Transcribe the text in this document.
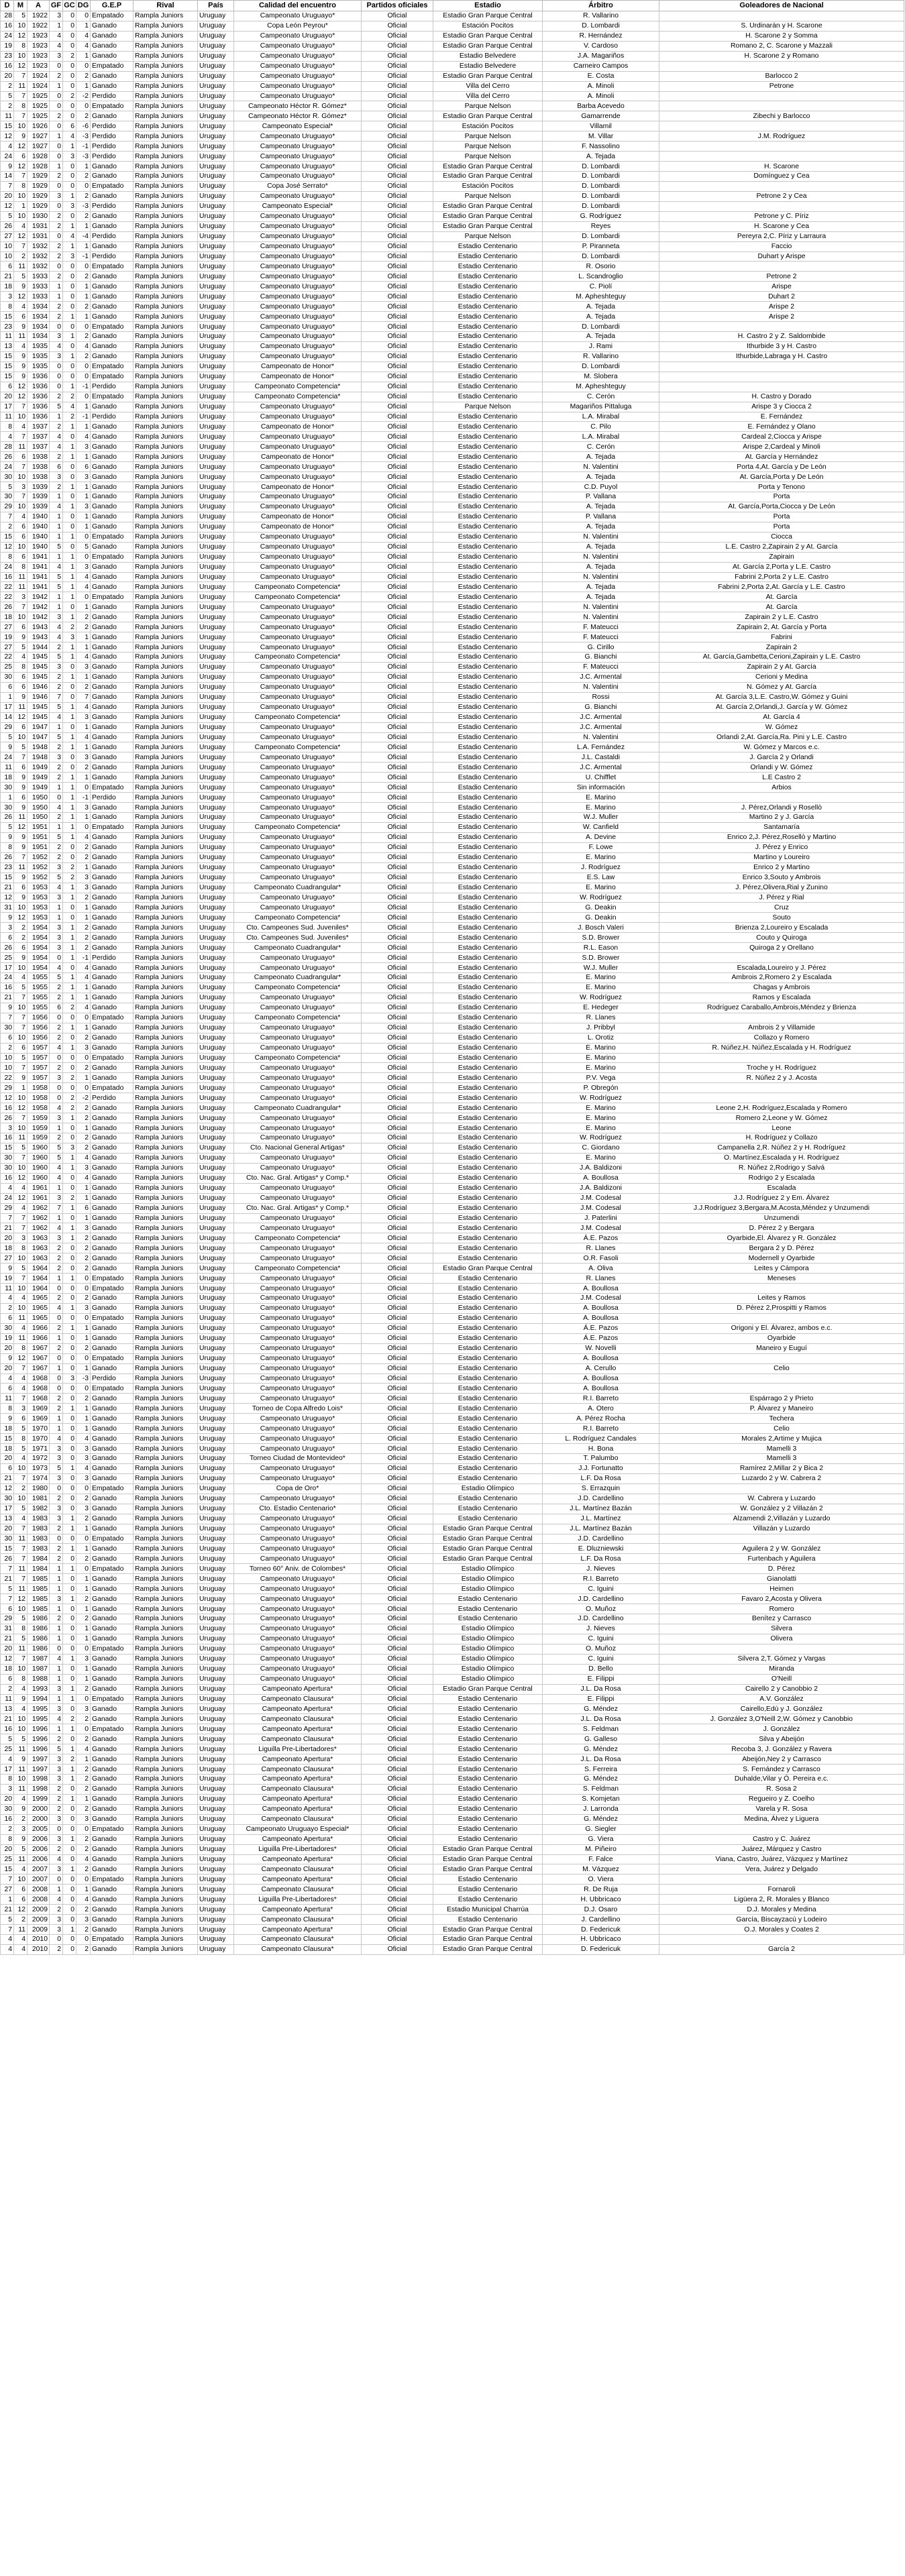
D	M	A	GF	GC	DG	G.E.P	Rival	País	Calidad del encuentro	Partidos oficiales	Estadio	Árbitro	Goleadores de Nacional
28	5	1922	3	0	0	Empatado	Rampla Juniors	Uruguay	Campeonato Uruguayo*	Oficial	Estadio Gran Parque Central	R. Vallarino	
16	10	1922	1	0	1	Ganado	Rampla Juniors	Uruguay	Copa León Peyrou*	Oficial	Estación Pocitos	D. Lombardi	S. Urdinarán y H. Scarone
24	12	1923	4	0	4	Ganado	Rampla Juniors	Uruguay	Campeonato Uruguayo*	Oficial	Estadio Gran Parque Central	R. Hernández	H. Scarone 2 y Somma
19	8	1923	4	0	4	Ganado	Rampla Juniors	Uruguay	Campeonato Uruguayo*	Oficial	Estadio Gran Parque Central	V. Cardoso	Romano 2, C. Scarone y Mazzali
23	10	1923	3	2	1	Ganado	Rampla Juniors	Uruguay	Campeonato Uruguayo*	Oficial	Estadio Belvedere	J.A. Magariños	H. Scarone 2 y Romano
16	12	1923	0	0	0	Empatado	Rampla Juniors	Uruguay	Campeonato Uruguayo*	Oficial	Estadio Belvedere	Carneiro Campos	
20	7	1924	2	0	2	Ganado	Rampla Juniors	Uruguay	Campeonato Uruguayo*	Oficial	Estadio Gran Parque Central	E. Costa	Barlocco 2
2	11	1924	1	0	1	Ganado	Rampla Juniors	Uruguay	Campeonato Uruguayo*	Oficial	Villa del Cerro	A. Minoli	Petrone
5	7	1925	0	2	-2	Perdido	Rampla Juniors	Uruguay	Campeonato Uruguayo*	Oficial	Villa del Cerro	A. Minoli	
2	8	1925	0	0	0	Empatado	Rampla Juniors	Uruguay	Campeonato Héctor R. Gómez*	Oficial	Parque Nelson	Barba Acevedo	
11	7	1925	2	0	2	Ganado	Rampla Juniors	Uruguay	Campeonato Héctor R. Gómez*	Oficial	Estadio Gran Parque Central	Gamarrende	Zibechi y Barlocco
15	10	1926	0	6	-6	Perdido	Rampla Juniors	Uruguay	Campeonato Especial*	Oficial	Estación Pocitos	Villamil	
12	9	1927	1	4	-3	Perdido	Rampla Juniors	Uruguay	Campeonato Uruguayo*	Oficial	Parque Nelson	M. Villar	J.M. Rodríguez
4	12	1927	0	1	-1	Perdido	Rampla Juniors	Uruguay	Campeonato Uruguayo*	Oficial	Parque Nelson	F. Nassolino	
24	6	1928	0	3	-3	Perdido	Rampla Juniors	Uruguay	Campeonato Uruguayo*	Oficial	Parque Nelson	A. Tejada	
9	12	1928	1	0	1	Ganado	Rampla Juniors	Uruguay	Campeonato Uruguayo*	Oficial	Estadio Gran Parque Central	D. Lombardi	H. Scarone
14	7	1929	2	0	2	Ganado	Rampla Juniors	Uruguay	Campeonato Uruguayo*	Oficial	Estadio Gran Parque Central	D. Lombardi	Domínguez y Cea
7	8	1929	0	0	0	Empatado	Rampla Juniors	Uruguay	Copa José Serrato*	Oficial	Estación Pocitos	D. Lombardi	
20	10	1929	3	1	2	Ganado	Rampla Juniors	Uruguay	Campeonato Uruguayo*	Oficial	Parque Nelson	D. Lombardi	Petrone 2 y Cea
12	1	1929	0	3	-3	Perdido	Rampla Juniors	Uruguay	Campeonato Especial*	Oficial	Estadio Gran Parque Central	D. Lombardi	
5	10	1930	2	0	2	Ganado	Rampla Juniors	Uruguay	Campeonato Uruguayo*	Oficial	Estadio Gran Parque Central	G. Rodríguez	Petrone y C. Píriz
26	4	1931	2	1	1	Ganado	Rampla Juniors	Uruguay	Campeonato Uruguayo*	Oficial	Estadio Gran Parque Central	Reyes	H. Scarone y Cea
27	12	1931	0	4	-4	Perdido	Rampla Juniors	Uruguay	Campeonato Uruguayo*	Oficial	Parque Nelson	D. Lombardi	Pereyra 2,C. Píriz y Larraura
10	7	1932	2	1	1	Ganado	Rampla Juniors	Uruguay	Campeonato Uruguayo*	Oficial	Estadio Centenario	P. Piranneta	Faccio
10	2	1932	2	3	-1	Perdido	Rampla Juniors	Uruguay	Campeonato Uruguayo*	Oficial	Estadio Centenario	D. Lombardi	Duhart y Arispe
6	11	1932	0	0	0	Empatado	Rampla Juniors	Uruguay	Campeonato Uruguayo*	Oficial	Estadio Centenario	R. Osorio	
21	5	1933	2	0	2	Ganado	Rampla Juniors	Uruguay	Campeonato Uruguayo*	Oficial	Estadio Centenario	L. Scandroglio	Petrone 2
18	9	1933	1	0	1	Ganado	Rampla Juniors	Uruguay	Campeonato Uruguayo*	Oficial	Estadio Centenario	C. Piolí	Arispe
3	12	1933	1	0	1	Ganado	Rampla Juniors	Uruguay	Campeonato Uruguayo*	Oficial	Estadio Centenario	M. Apheshteguy	Duhart 2
8	4	1934	2	0	2	Ganado	Rampla Juniors	Uruguay	Campeonato Uruguayo*	Oficial	Estadio Centenario	A. Tejada	Arispe 2
15	6	1934	2	1	1	Ganado	Rampla Juniors	Uruguay	Campeonato Uruguayo*	Oficial	Estadio Centenario	A. Tejada	Arispe 2
23	9	1934	0	0	0	Empatado	Rampla Juniors	Uruguay	Campeonato Uruguayo*	Oficial	Estadio Centenario	D. Lombardi	
11	11	1934	3	1	2	Ganado	Rampla Juniors	Uruguay	Campeonato Uruguayo*	Oficial	Estadio Centenario	A. Tejada	H. Castro 2 y Z. Saldombide
13	4	1935	4	0	4	Ganado	Rampla Juniors	Uruguay	Campeonato Uruguayo*	Oficial	Estadio Centenario	J. Rami	Ithurbide 3 y H. Castro
15	9	1935	3	1	2	Ganado	Rampla Juniors	Uruguay	Campeonato Uruguayo*	Oficial	Estadio Centenario	R. Vallarino	Ithurbide,Labraga y H. Castro
15	9	1935	0	0	0	Empatado	Rampla Juniors	Uruguay	Campeonato de Honor*	Oficial	Estadio Centenario	D. Lombardi	
15	9	1936	0	0	0	Empatado	Rampla Juniors	Uruguay	Campeonato de Honor*	Oficial	Estadio Centenario	M. Slobera	
6	12	1936	0	1	-1	Perdido	Rampla Juniors	Uruguay	Campeonato Competencia*	Oficial	Estadio Centenario	M. Apheshteguy	
20	12	1936	2	2	0	Empatado	Rampla Juniors	Uruguay	Campeonato Competencia*	Oficial	Estadio Centenario	C. Cerón	H. Castro y Dorado
17	7	1936	5	4	1	Ganado	Rampla Juniors	Uruguay	Campeonato Uruguayo*	Oficial	Parque Nelson	Magariños Pittaluga	Arispe 3 y Ciocca 2
11	10	1936	1	2	-1	Perdido	Rampla Juniors	Uruguay	Campeonato Uruguayo*	Oficial	Estadio Centenario	L.A. Mirabal	E. Fernández
8	4	1937	2	1	1	Ganado	Rampla Juniors	Uruguay	Campeonato de Honor*	Oficial	Estadio Centenario	C. Pilo	E. Fernández y Olano
4	7	1937	4	0	4	Ganado	Rampla Juniors	Uruguay	Campeonato Uruguayo*	Oficial	Estadio Centenario	L.A. Mirabal	Cardeal 2,Ciocca y Arispe
28	11	1937	4	1	3	Ganado	Rampla Juniors	Uruguay	Campeonato Uruguayo*	Oficial	Estadio Centenario	C. Cerón	Arispe 2,Cardeal y Minoli
26	6	1938	2	1	1	Ganado	Rampla Juniors	Uruguay	Campeonato de Honor*	Oficial	Estadio Centenario	A. Tejada	At. García y Hernández
24	7	1938	6	0	6	Ganado	Rampla Juniors	Uruguay	Campeonato Uruguayo*	Oficial	Estadio Centenario	N. Valentini	Porta 4,At. García y De León
30	10	1938	3	0	3	Ganado	Rampla Juniors	Uruguay	Campeonato Uruguayo*	Oficial	Estadio Centenario	A. Tejada	At. García,Porta y De León
5	3	1939	2	1	1	Ganado	Rampla Juniors	Uruguay	Campeonato de Honor*	Oficial	Estadio Centenario	C.D. Puyol	Porta y Tenono
30	7	1939	1	0	1	Ganado	Rampla Juniors	Uruguay	Campeonato Uruguayo*	Oficial	Estadio Centenario	P. Vallana	Porta
29	10	1939	4	1	3	Ganado	Rampla Juniors	Uruguay	Campeonato Uruguayo*	Oficial	Estadio Centenario	A. Tejada	At. García,Porta,Ciocca y De León
7	4	1940	1	0	1	Ganado	Rampla Juniors	Uruguay	Campeonato de Honor*	Oficial	Estadio Centenario	P. Vallana	Porta
2	6	1940	1	0	1	Ganado	Rampla Juniors	Uruguay	Campeonato de Honor*	Oficial	Estadio Centenario	A. Tejada	Porta
15	6	1940	1	1	0	Empatado	Rampla Juniors	Uruguay	Campeonato Uruguayo*	Oficial	Estadio Centenario	N. Valentini	Ciocca
12	10	1940	5	0	5	Ganado	Rampla Juniors	Uruguay	Campeonato Uruguayo*	Oficial	Estadio Centenario	A. Tejada	L.E. Castro 2,Zapirain 2 y At. García
8	6	1941	1	1	0	Empatado	Rampla Juniors	Uruguay	Campeonato Uruguayo*	Oficial	Estadio Centenario	N. Valentini	Zapirain
24	8	1941	4	1	3	Ganado	Rampla Juniors	Uruguay	Campeonato Uruguayo*	Oficial	Estadio Centenario	A. Tejada	At. García 2,Porta y L.E. Castro
16	11	1941	5	1	4	Ganado	Rampla Juniors	Uruguay	Campeonato Uruguayo*	Oficial	Estadio Centenario	N. Valentini	Fabrini 2,Porta 2 y L.E. Castro
22	11	1941	5	1	4	Ganado	Rampla Juniors	Uruguay	Campeonato Competencia*	Oficial	Estadio Centenario	A. Tejada	Fabrini 2,Porta 2,At. García y L.E. Castro
22	3	1942	1	1	0	Empatado	Rampla Juniors	Uruguay	Campeonato Competencia*	Oficial	Estadio Centenario	A. Tejada	At. García
26	7	1942	1	0	1	Ganado	Rampla Juniors	Uruguay	Campeonato Uruguayo*	Oficial	Estadio Centenario	N. Valentini	At. García
18	10	1942	3	1	2	Ganado	Rampla Juniors	Uruguay	Campeonato Uruguayo*	Oficial	Estadio Centenario	N. Valentini	Zapirain 2 y L.E. Castro
27	6	1943	4	2	2	Ganado	Rampla Juniors	Uruguay	Campeonato Uruguayo*	Oficial	Estadio Centenario	F. Mateucci	Zapirain 2, At. García y Porta
19	9	1943	4	3	1	Ganado	Rampla Juniors	Uruguay	Campeonato Uruguayo*	Oficial	Estadio Centenario	F. Mateucci	Fabrini
27	5	1944	2	1	1	Ganado	Rampla Juniors	Uruguay	Campeonato Uruguayo*	Oficial	Estadio Centenario	G. Cirillo	Zapirain 2
22	4	1945	5	1	4	Ganado	Rampla Juniors	Uruguay	Campeonato Competencia*	Oficial	Estadio Centenario	G. Bianchi	At. García,Gambetta,Cerioni,Zapirain y L.E. Castro
25	8	1945	3	0	3	Ganado	Rampla Juniors	Uruguay	Campeonato Uruguayo*	Oficial	Estadio Centenario	F. Mateucci	Zapirain 2 y At. García
30	6	1945	2	1	1	Ganado	Rampla Juniors	Uruguay	Campeonato Uruguayo*	Oficial	Estadio Centenario	J.C. Armental	Cerioni y Medina
6	6	1946	2	0	2	Ganado	Rampla Juniors	Uruguay	Campeonato Uruguayo*	Oficial	Estadio Centenario	N. Valentini	N. Gómez y At. García
1	9	1946	7	0	7	Ganado	Rampla Juniors	Uruguay	Campeonato Uruguayo*	Oficial	Estadio Centenario	Rossi	At. García 3,L.E. Castro,W. Gómez y Guini
17	11	1945	5	1	4	Ganado	Rampla Juniors	Uruguay	Campeonato Uruguayo*	Oficial	Estadio Centenario	G. Bianchi	At. García 2,Orlandi,J. García y W. Gómez
14	12	1945	4	1	3	Ganado	Rampla Juniors	Uruguay	Campeonato Competencia*	Oficial	Estadio Centenario	J.C. Armental	At. García 4
29	6	1947	1	0	1	Ganado	Rampla Juniors	Uruguay	Campeonato Uruguayo*	Oficial	Estadio Centenario	J.C. Armental	W. Gómez
5	10	1947	5	1	4	Ganado	Rampla Juniors	Uruguay	Campeonato Uruguayo*	Oficial	Estadio Centenario	N. Valentini	Orlandi 2,At. García,Ra. Pini y L.E. Castro
9	5	1948	2	1	1	Ganado	Rampla Juniors	Uruguay	Campeonato Competencia*	Oficial	Estadio Centenario	L.A. Fernández	W. Gómez y Marcos e.c.
24	7	1948	3	0	3	Ganado	Rampla Juniors	Uruguay	Campeonato Uruguayo*	Oficial	Estadio Centenario	J.L. Castaldi	J. García 2 y Orlandi
11	6	1949	2	0	2	Ganado	Rampla Juniors	Uruguay	Campeonato Uruguayo*	Oficial	Estadio Centenario	J.C. Armental	Orlandi y W. Gómez
18	9	1949	2	1	1	Ganado	Rampla Juniors	Uruguay	Campeonato Uruguayo*	Oficial	Estadio Centenario	U. Chifflet	L.E Castro 2
30	9	1949	1	1	0	Empatado	Rampla Juniors	Uruguay	Campeonato Uruguayo*	Oficial	Estadio Centenario	Sin información	Arbios
1	6	1950	0	1	-1	Perdido	Rampla Juniors	Uruguay	Campeonato Uruguayo*	Oficial	Estadio Centenario	E. Marino	
30	9	1950	4	1	3	Ganado	Rampla Juniors	Uruguay	Campeonato Uruguayo*	Oficial	Estadio Centenario	E. Marino	J. Pérez,Orlandi y Rosellò
26	11	1950	2	1	1	Ganado	Rampla Juniors	Uruguay	Campeonato Uruguayo*	Oficial	Estadio Centenario	W.J. Muller	Martino 2 y J. García
5	12	1951	1	1	0	Empatado	Rampla Juniors	Uruguay	Campeonato Competencia*	Oficial	Estadio Centenario	W. Canfield	Santamaría
9	9	1951	5	1	4	Ganado	Rampla Juniors	Uruguay	Campeonato Uruguayo*	Oficial	Estadio Centenario	A. Devine	Enrico 2,J. Pérez,Rosellò y Martino
8	9	1951	2	0	2	Ganado	Rampla Juniors	Uruguay	Campeonato Uruguayo*	Oficial	Estadio Centenario	F. Lowe	J. Pérez y Enrico
26	7	1952	2	0	2	Ganado	Rampla Juniors	Uruguay	Campeonato Uruguayo*	Oficial	Estadio Centenario	E. Marino	Martino y Loureiro
23	11	1952	3	2	1	Ganado	Rampla Juniors	Uruguay	Campeonato Uruguayo*	Oficial	Estadio Centenario	J. Rodríguez	Enrico 2 y Martino
15	9	1952	5	2	3	Ganado	Rampla Juniors	Uruguay	Campeonato Uruguayo*	Oficial	Estadio Centenario	E.S. Law	Enrico 3,Souto y Ambrois
21	6	1953	4	1	3	Ganado	Rampla Juniors	Uruguay	Campeonato Cuadrangular*	Oficial	Estadio Centenario	E. Marino	J. Pérez,Olivera,Rial y Zunino
12	9	1953	3	1	2	Ganado	Rampla Juniors	Uruguay	Campeonato Uruguayo*	Oficial	Estadio Centenario	W. Rodríguez	J. Pérez y Rial
31	10	1953	1	0	1	Ganado	Rampla Juniors	Uruguay	Campeonato Uruguayo*	Oficial	Estadio Centenario	G. Deakin	Cruz
9	12	1953	1	0	1	Ganado	Rampla Juniors	Uruguay	Campeonato Competencia*	Oficial	Estadio Centenario	G. Deakin	Souto
3	2	1954	3	1	2	Ganado	Rampla Juniors	Uruguay	Cto. Campeones Sud. Juveniles*	Oficial	Estadio Centenario	J. Bosch Valeri	Brienza 2,Loureiro y Escalada
6	2	1954	3	1	2	Ganado	Rampla Juniors	Uruguay	Cto. Campeones Sud. Juveniles*	Oficial	Estadio Centenario	S.D. Brower	Couto y Quiroga
26	6	1954	3	1	2	Ganado	Rampla Juniors	Uruguay	Campeonato Cuadrangular*	Oficial	Estadio Centenario	R.L. Eason	Quiroga 2 y Orellano
25	9	1954	0	1	-1	Perdido	Rampla Juniors	Uruguay	Campeonato Uruguayo*	Oficial	Estadio Centenario	S.D. Brower	
17	10	1954	4	0	4	Ganado	Rampla Juniors	Uruguay	Campeonato Uruguayo*	Oficial	Estadio Centenario	W.J. Muller	Escalada,Loureiro y J. Pérez
24	4	1955	5	1	4	Ganado	Rampla Juniors	Uruguay	Campeonato Cuadrangular*	Oficial	Estadio Centenario	E. Marino	Ambrois 2,Romero 2 y Escalada
16	5	1955	2	1	1	Ganado	Rampla Juniors	Uruguay	Campeonato Competencia*	Oficial	Estadio Centenario	E. Marino	Chagas y Ambrois
21	7	1955	2	1	1	Ganado	Rampla Juniors	Uruguay	Campeonato Uruguayo*	Oficial	Estadio Centenario	W. Rodríguez	Ramos y Escalada
9	10	1955	6	2	4	Ganado	Rampla Juniors	Uruguay	Campeonato Uruguayo*	Oficial	Estadio Centenario	E. Hedeger	Rodríguez Caraballo,Ambrois,Méndez y Brienza
7	7	1956	0	0	0	Empatado	Rampla Juniors	Uruguay	Campeonato Competencia*	Oficial	Estadio Centenario	R. Llanes	
30	7	1956	2	1	1	Ganado	Rampla Juniors	Uruguay	Campeonato Uruguayo*	Oficial	Estadio Centenario	J. Pribbyl	Ambrois 2 y Villamide
6	10	1956	2	0	2	Ganado	Rampla Juniors	Uruguay	Campeonato Uruguayo*	Oficial	Estadio Centenario	L. Orotiz	Collazo y Romero
2	6	1957	4	1	3	Ganado	Rampla Juniors	Uruguay	Campeonato Uruguayo*	Oficial	Estadio Centenario	E. Marino	R. Núñez,H. Núñez,Escalada y H. Rodríguez
10	5	1957	0	0	0	Empatado	Rampla Juniors	Uruguay	Campeonato Competencia*	Oficial	Estadio Centenario	E. Marino	
10	7	1957	2	0	2	Ganado	Rampla Juniors	Uruguay	Campeonato Uruguayo*	Oficial	Estadio Centenario	E. Marino	Troche y H. Rodríguez
22	9	1957	3	2	1	Ganado	Rampla Juniors	Uruguay	Campeonato Uruguayo*	Oficial	Estadio Centenario	P.V. Vega	R. Núñez 2 y J. Acosta
29	1	1958	0	0	0	Empatado	Rampla Juniors	Uruguay	Campeonato Uruguayo*	Oficial	Estadio Centenario	P. Obregón	
12	10	1958	0	2	-2	Perdido	Rampla Juniors	Uruguay	Campeonato Uruguayo*	Oficial	Estadio Centenario	W. Rodríguez	
16	12	1958	4	2	2	Ganado	Rampla Juniors	Uruguay	Campeonato Cuadrangular*	Oficial	Estadio Centenario	E. Marino	Leone 2,H. Rodríguez,Escalada y Romero
26	7	1959	3	1	2	Ganado	Rampla Juniors	Uruguay	Campeonato Uruguayo*	Oficial	Estadio Centenario	E. Marino	Romero 2,Leone y W. Gómez
3	10	1959	1	0	1	Ganado	Rampla Juniors	Uruguay	Campeonato Uruguayo*	Oficial	Estadio Centenario	E. Marino	Leone
16	11	1959	2	0	2	Ganado	Rampla Juniors	Uruguay	Campeonato Uruguayo*	Oficial	Estadio Centenario	W. Rodríguez	H. Rodríguez y Collazo
15	5	1960	5	3	2	Ganado	Rampla Juniors	Uruguay	Cto. Nacional General Artigas*	Oficial	Estadio Centenario	C. Giordano	Campanella 2,R. Núñez 2 y H. Rodríguez
30	7	1960	5	1	4	Ganado	Rampla Juniors	Uruguay	Campeonato Uruguayo*	Oficial	Estadio Centenario	E. Marino	O. Martínez,Escalada y H. Rodríguez
30	10	1960	4	1	3	Ganado	Rampla Juniors	Uruguay	Campeonato Uruguayo*	Oficial	Estadio Centenario	J.A. Baldizoni	R. Núñez 2,Rodrigo y Salvá
16	12	1960	4	0	4	Ganado	Rampla Juniors	Uruguay	Cto. Nac. Gral. Artigas* y Comp.*	Oficial	Estadio Centenario	A. Boullosa	Rodrigo 2 y Escalada
4	4	1961	1	0	1	Ganado	Rampla Juniors	Uruguay	Campeonato Uruguayo*	Oficial	Estadio Centenario	J.A. Baldizoni	Escalada
24	12	1961	3	2	1	Ganado	Rampla Juniors	Uruguay	Campeonato Uruguayo*	Oficial	Estadio Centenario	J.M. Codesal	J.J. Rodríguez 2 y Em. Álvarez
29	4	1962	7	1	6	Ganado	Rampla Juniors	Uruguay	Cto. Nac. Gral. Artigas* y Comp.*	Oficial	Estadio Centenario	J.M. Codesal	J.J.Rodríguez 3,Bergara,M.Acosta,Méndez y Unzumendi
7	7	1962	1	0	1	Ganado	Rampla Juniors	Uruguay	Campeonato Uruguayo*	Oficial	Estadio Centenario	J. Paterlini	Unzumendi
21	7	1962	4	1	3	Ganado	Rampla Juniors	Uruguay	Campeonato Uruguayo*	Oficial	Estadio Centenario	J.M. Codesal	D. Pérez 2 y Bergara
20	3	1963	3	1	2	Ganado	Rampla Juniors	Uruguay	Campeonato Competencia*	Oficial	Estadio Centenario	Á.E. Pazos	Oyarbide,El. Álvarez y R. González
18	8	1963	2	0	2	Ganado	Rampla Juniors	Uruguay	Campeonato Uruguayo*	Oficial	Estadio Centenario	R. Llanes	Bergara 2 y D. Pérez
27	10	1963	2	0	2	Ganado	Rampla Juniors	Uruguay	Campeonato Uruguayo*	Oficial	Estadio Centenario	O.R. Fasoli	Modernell y Oyarbide
9	5	1964	2	0	2	Ganado	Rampla Juniors	Uruguay	Campeonato Competencia*	Oficial	Estadio Gran Parque Central	A. Oliva	Leites y Cámpora
19	7	1964	1	1	0	Empatado	Rampla Juniors	Uruguay	Campeonato Uruguayo*	Oficial	Estadio Centenario	R. Llanes	Meneses
11	10	1964	0	0	0	Empatado	Rampla Juniors	Uruguay	Campeonato Uruguayo*	Oficial	Estadio Centenario	A. Boullosa	
4	4	1965	2	0	2	Ganado	Rampla Juniors	Uruguay	Campeonato Uruguayo*	Oficial	Estadio Centenario	J.M. Codesal	Leites y Ramos
2	10	1965	4	1	3	Ganado	Rampla Juniors	Uruguay	Campeonato Uruguayo*	Oficial	Estadio Centenario	A. Boullosa	D. Pérez 2,Prospitti y Ramos
6	11	1965	0	0	0	Empatado	Rampla Juniors	Uruguay	Campeonato Uruguayo*	Oficial	Estadio Centenario	A. Boullosa	
30	4	1966	2	1	1	Ganado	Rampla Juniors	Uruguay	Campeonato Uruguayo*	Oficial	Estadio Centenario	Á.E. Pazos	Origoni y El. Álvarez, ambos e.c.
19	11	1966	1	0	1	Ganado	Rampla Juniors	Uruguay	Campeonato Uruguayo*	Oficial	Estadio Centenario	Á.E. Pazos	Oyarbide
20	8	1967	2	0	2	Ganado	Rampla Juniors	Uruguay	Campeonato Uruguayo*	Oficial	Estadio Centenario	W. Novelli	Maneiro y Euguí
9	12	1967	0	0	0	Empatado	Rampla Juniors	Uruguay	Campeonato Uruguayo*	Oficial	Estadio Centenario	A. Boullosa	
20	7	1967	1	0	1	Ganado	Rampla Juniors	Uruguay	Campeonato Uruguayo*	Oficial	Estadio Centenario	A. Cerullo	Celio
4	4	1968	0	3	-3	Perdido	Rampla Juniors	Uruguay	Campeonato Uruguayo*	Oficial	Estadio Centenario	A. Boullosa	
6	4	1968	0	0	0	Empatado	Rampla Juniors	Uruguay	Campeonato Uruguayo*	Oficial	Estadio Centenario	A. Boullosa	
11	7	1968	2	0	2	Ganado	Rampla Juniors	Uruguay	Campeonato Uruguayo*	Oficial	Estadio Centenario	R.I. Barreto	Espárrago 2 y Prieto
8	3	1969	2	1	1	Ganado	Rampla Juniors	Uruguay	Torneo de Copa Alfredo Lois*	Oficial	Estadio Centenario	A. Otero	P. Álvarez y Maneiro
9	6	1969	1	0	1	Ganado	Rampla Juniors	Uruguay	Campeonato Uruguayo*	Oficial	Estadio Centenario	A. Pérez Rocha	Techera
18	5	1970	1	0	1	Ganado	Rampla Juniors	Uruguay	Campeonato Uruguayo*	Oficial	Estadio Centenario	R.I. Barreto	Celio
15	8	1970	4	0	4	Ganado	Rampla Juniors	Uruguay	Campeonato Uruguayo*	Oficial	Estadio Centenario	L. Rodríguez Candales	Morales 2,Artime y Mujica
18	5	1971	3	0	3	Ganado	Rampla Juniors	Uruguay	Campeonato Uruguayo*	Oficial	Estadio Centenario	H. Bona	Mamelli 3
20	4	1972	3	0	3	Ganado	Rampla Juniors	Uruguay	Torneo Ciudad de Montevideo*	Oficial	Estadio Centenario	T. Palumbo	Mamelli 3
6	10	1973	5	1	4	Ganado	Rampla Juniors	Uruguay	Campeonato Uruguayo*	Oficial	Estadio Centenario	J.J. Fortunatto	Ramírez 2,Millar 2 y Bica 2
21	7	1974	3	0	3	Ganado	Rampla Juniors	Uruguay	Campeonato Uruguayo*	Oficial	Estadio Centenario	L.F. Da Rosa	Luzardo 2 y W. Cabrera 2
12	2	1980	0	0	0	Empatado	Rampla Juniors	Uruguay	Copa de Oro*	Oficial	Estadio Olímpico	S. Errazquin	
30	10	1981	2	0	2	Ganado	Rampla Juniors	Uruguay	Campeonato Uruguayo*	Oficial	Estadio Centenario	J.D. Cardellino	W. Cabrera y Luzardo
17	5	1982	3	0	3	Ganado	Rampla Juniors	Uruguay	Cto. Estadio Centenario*	Oficial	Estadio Centenario	J.L. Martínez Bazán	W. González y 2 Villazán 2
13	4	1983	3	1	2	Ganado	Rampla Juniors	Uruguay	Campeonato Uruguayo*	Oficial	Estadio Centenario	J.L. Martínez	Alzamendi 2,Villazán y Luzardo
20	7	1983	2	1	1	Ganado	Rampla Juniors	Uruguay	Campeonato Uruguayo*	Oficial	Estadio Gran Parque Central	J.L. Martínez Bazán	Villazán y Luzardo
30	11	1983	0	0	0	Empatado	Rampla Juniors	Uruguay	Campeonato Uruguayo*	Oficial	Estadio Gran Parque Central	J.D. Cardellino	
15	7	1983	2	1	1	Ganado	Rampla Juniors	Uruguay	Campeonato Uruguayo*	Oficial	Estadio Gran Parque Central	E. Dluzniewski	Aguilera 2 y W. González
26	7	1984	2	0	2	Ganado	Rampla Juniors	Uruguay	Campeonato Uruguayo*	Oficial	Estadio Gran Parque Central	L.F. Da Rosa	Furtenbach y Aguilera
7	11	1984	1	1	0	Empatado	Rampla Juniors	Uruguay	Torneo 60° Aniv. de Colombes*	Oficial	Estadio Olímpico	J. Nieves	D. Pérez
21	7	1985	1	0	1	Ganado	Rampla Juniors	Uruguay	Campeonato Uruguayo*	Oficial	Estadio Olímpico	R.I. Barreto	Gianolatti
5	11	1985	1	0	1	Ganado	Rampla Juniors	Uruguay	Campeonato Uruguayo*	Oficial	Estadio Olímpico	C. Iguini	Heimen
7	12	1985	3	1	2	Ganado	Rampla Juniors	Uruguay	Campeonato Uruguayo*	Oficial	Estadio Centenario	J.D. Cardellino	Favaro 2,Acosta y Olivera
6	10	1985	1	0	1	Ganado	Rampla Juniors	Uruguay	Campeonato Uruguayo*	Oficial	Estadio Centenario	O. Muñoz	Romero
29	5	1986	2	0	2	Ganado	Rampla Juniors	Uruguay	Campeonato Uruguayo*	Oficial	Estadio Centenario	J.D. Cardellino	Benítez y Carrasco
31	8	1986	1	0	1	Ganado	Rampla Juniors	Uruguay	Campeonato Uruguayo*	Oficial	Estadio Olímpico	J. Nieves	Silvera
21	5	1986	1	0	1	Ganado	Rampla Juniors	Uruguay	Campeonato Uruguayo*	Oficial	Estadio Olímpico	C. Iguini	Olivera
20	11	1986	0	0	0	Empatado	Rampla Juniors	Uruguay	Campeonato Uruguayo*	Oficial	Estadio Olímpico	O. Muñoz	
12	7	1987	4	1	3	Ganado	Rampla Juniors	Uruguay	Campeonato Uruguayo*	Oficial	Estadio Olímpico	C. Iguini	Silvera 2,T. Gómez y Vargas
18	10	1987	1	0	1	Ganado	Rampla Juniors	Uruguay	Campeonato Uruguayo*	Oficial	Estadio Olímpico	D. Bello	Miranda
6	8	1988	1	0	1	Ganado	Rampla Juniors	Uruguay	Campeonato Uruguayo*	Oficial	Estadio Olímpico	E. Filippi	O'Neill
2	4	1993	3	1	2	Ganado	Rampla Juniors	Uruguay	Campeonato Apertura*	Oficial	Estadio Gran Parque Central	J.L. Da Rosa	Cairello 2 y Canobbio 2
11	9	1994	1	1	0	Empatado	Rampla Juniors	Uruguay	Campeonato Clausura*	Oficial	Estadio Centenario	E. Filippi	A.V. González
13	4	1995	3	0	3	Ganado	Rampla Juniors	Uruguay	Campeonato Apertura*	Oficial	Estadio Centenario	G. Méndez	Cairello,Edú y J. González
21	10	1995	4	2	2	Ganado	Rampla Juniors	Uruguay	Campeonato Clausura*	Oficial	Estadio Centenario	J.L. Da Rosa	J. González 3,O'Neill 2,W. Gómez y Canobbio
16	10	1996	1	1	0	Empatado	Rampla Juniors	Uruguay	Campeonato Apertura*	Oficial	Estadio Centenario	S. Feldman	J. González
5	5	1996	2	0	2	Ganado	Rampla Juniors	Uruguay	Campeonato Clausura*	Oficial	Estadio Centenario	G. Galleso	Silva y Abeijón
25	11	1996	5	1	4	Ganado	Rampla Juniors	Uruguay	Liguilla Pre-Libertadores*	Oficial	Estadio Centenario	G. Méndez	Recoba 3, J. González y Ravera
4	9	1997	3	2	1	Ganado	Rampla Juniors	Uruguay	Campeonato Apertura*	Oficial	Estadio Centenario	J.L. Da Rosa	Abeijón,Ney 2 y Carrasco
17	11	1997	3	1	2	Ganado	Rampla Juniors	Uruguay	Campeonato Clausura*	Oficial	Estadio Centenario	S. Ferreira	S. Fernández y Carrasco
8	10	1998	3	1	2	Ganado	Rampla Juniors	Uruguay	Campeonato Apertura*	Oficial	Estadio Centenario	G. Méndez	Duhalde,Vilar y Ó. Pereira e.c.
3	11	1998	2	0	2	Ganado	Rampla Juniors	Uruguay	Campeonato Clausura*	Oficial	Estadio Centenario	S. Feldman	R. Sosa 2
20	4	1999	2	1	1	Ganado	Rampla Juniors	Uruguay	Campeonato Apertura*	Oficial	Estadio Centenario	S. Komjetan	Regueiro y Z. Coelho
30	9	2000	2	0	2	Ganado	Rampla Juniors	Uruguay	Campeonato Apertura*	Oficial	Estadio Centenario	J. Larronda	Varela y R. Sosa
16	2	2000	3	0	3	Ganado	Rampla Juniors	Uruguay	Campeonato Clausura*	Oficial	Estadio Centenario	G. Méndez	Medina, Álvez y Liguera
2	3	2005	0	0	0	Empatado	Rampla Juniors	Uruguay	Campeonato Uruguayo Especial*	Oficial	Estadio Centenario	G. Siegler	
8	9	2006	3	1	2	Ganado	Rampla Juniors	Uruguay	Campeonato Apertura*	Oficial	Estadio Centenario	G. Viera	Castro y C. Juárez
20	5	2006	2	0	2	Ganado	Rampla Juniors	Uruguay	Liguilla Pre-Libertadores*	Oficial	Estadio Gran Parque Central	M. Piñeiro	Juárez, Márquez y Castro
25	11	2006	4	0	4	Ganado	Rampla Juniors	Uruguay	Campeonato Apertura*	Oficial	Estadio Gran Parque Central	F. Falce	Viana, Castro, Juárez, Vázquez y Martínez
15	4	2007	3	1	2	Ganado	Rampla Juniors	Uruguay	Campeonato Clausura*	Oficial	Estadio Gran Parque Central	M. Vázquez	Vera, Juárez y Delgado
7	10	2007	0	0	0	Empatado	Rampla Juniors	Uruguay	Campeonato Apertura*	Oficial	Estadio Centenario	O. Viera	
27	6	2008	1	0	1	Ganado	Rampla Juniors	Uruguay	Campeonato Clausura*	Oficial	Estadio Centenario	R. De Ruja	Fornaroli
1	6	2008	4	0	4	Ganado	Rampla Juniors	Uruguay	Liguilla Pre-Libertadores*	Oficial	Estadio Centenario	H. Ubbricaco	Ligüera 2, R. Morales y Blanco
21	12	2009	2	0	2	Ganado	Rampla Juniors	Uruguay	Campeonato Apertura*	Oficial	Estadio Municipal Charrúa	D.J. Osaro	D.J. Morales y Medina
5	2	2009	3	0	3	Ganado	Rampla Juniors	Uruguay	Campeonato Clausura*	Oficial	Estadio Centenario	J. Cardellino	García, Biscayzacú y Lodeiro
7	11	2009	3	1	2	Ganado	Rampla Juniors	Uruguay	Campeonato Apertura*	Oficial	Estadio Gran Parque Central	D. Federicuk	O.J. Morales y Coates 2
4	4	2010	0	0	0	Empatado	Rampla Juniors	Uruguay	Campeonato Clausura*	Oficial	Estadio Gran Parque Central	H. Ubbricaco	
4	4	2010	2	0	2	Ganado	Rampla Juniors	Uruguay	Campeonato Clausura*	Oficial	Estadio Gran Parque Central	D. Federicuk	García 2
